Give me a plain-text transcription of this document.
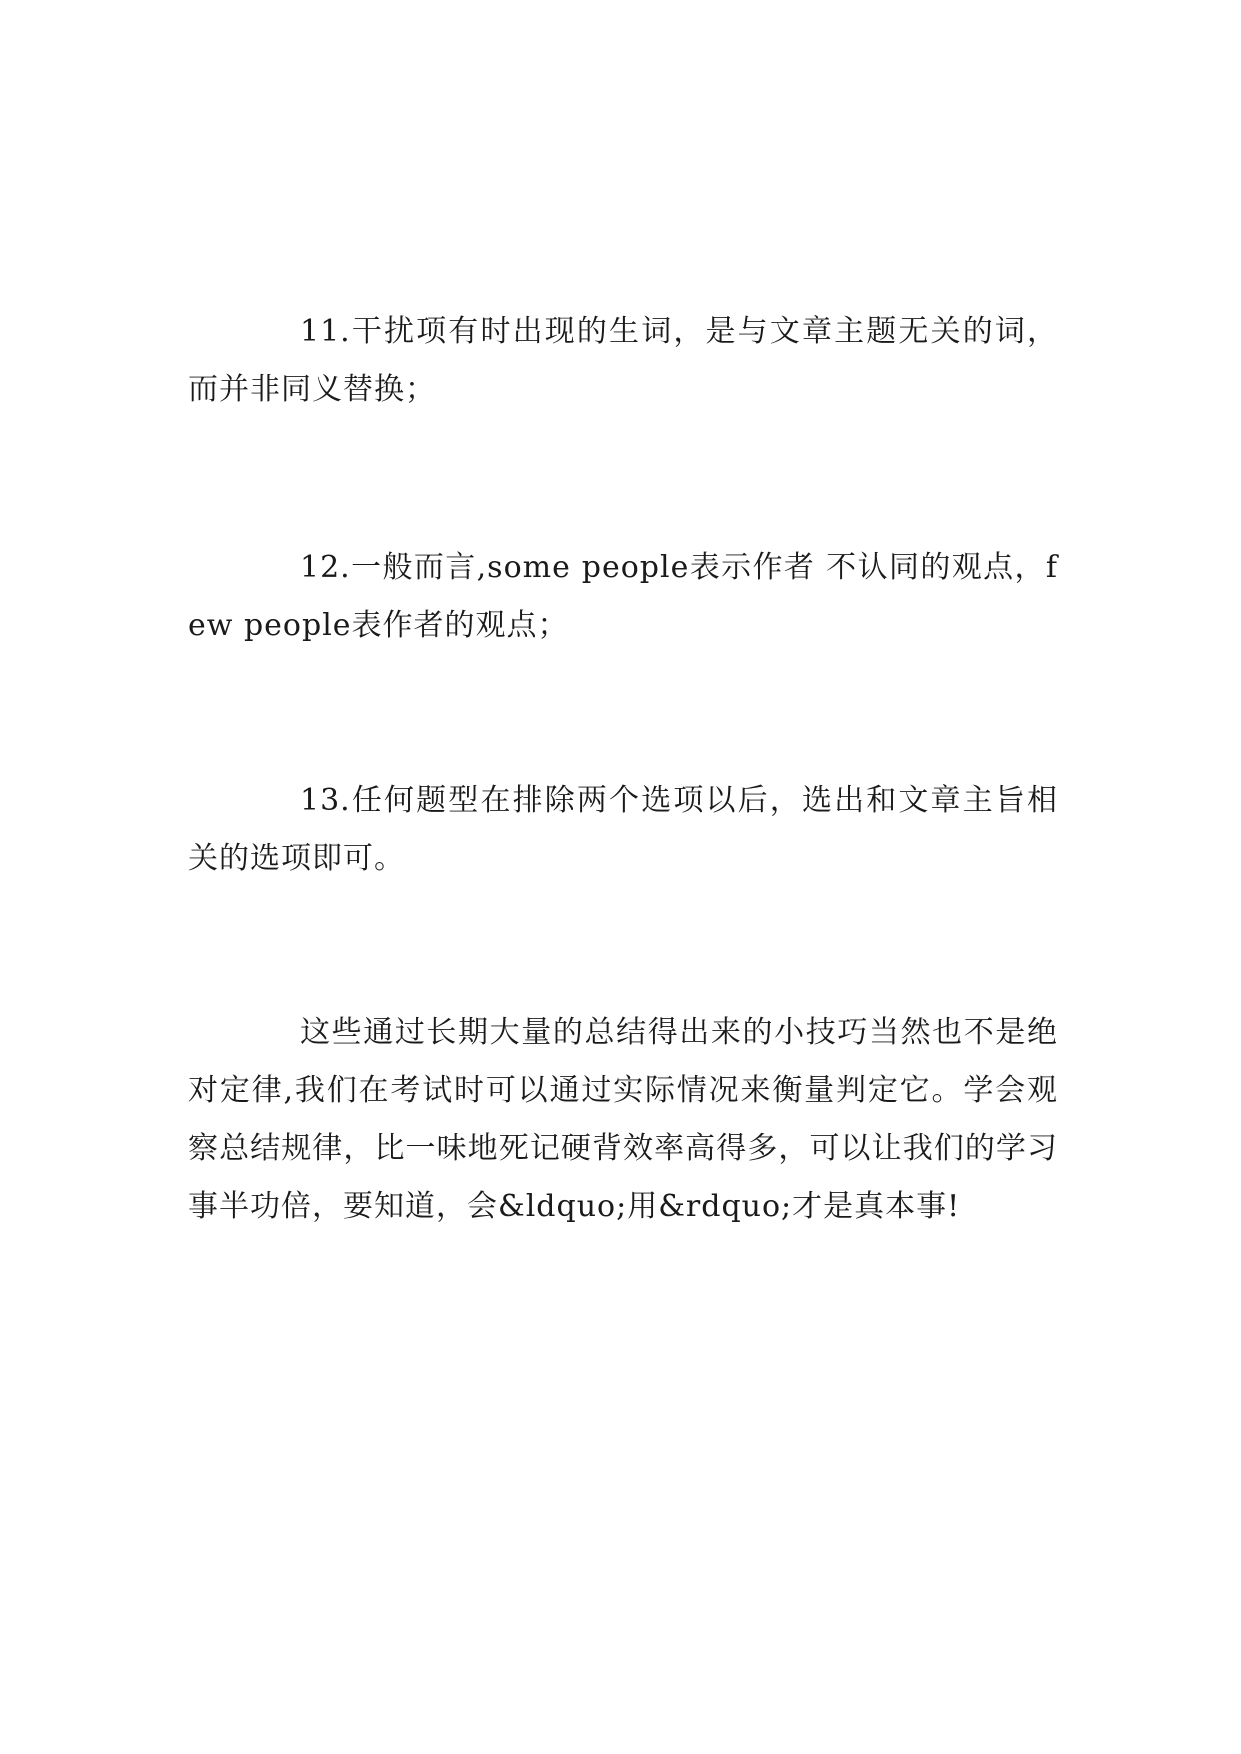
11.干扰项有时出现的生词，是与文章主题无关的词，而并非同义替换；

12.一般而言,some people表示作者 不认同的观点，few people表作者的观点；

13.任何题型在排除两个选项以后，选出和文章主旨相关的选项即可。

这些通过长期大量的总结得出来的小技巧当然也不是绝对定律,我们在考试时可以通过实际情况来衡量判定它。学会观察总结规律，比一味地死记硬背效率高得多，可以让我们的学习事半功倍，要知道，会&ldquo;用&rdquo;才是真本事!
